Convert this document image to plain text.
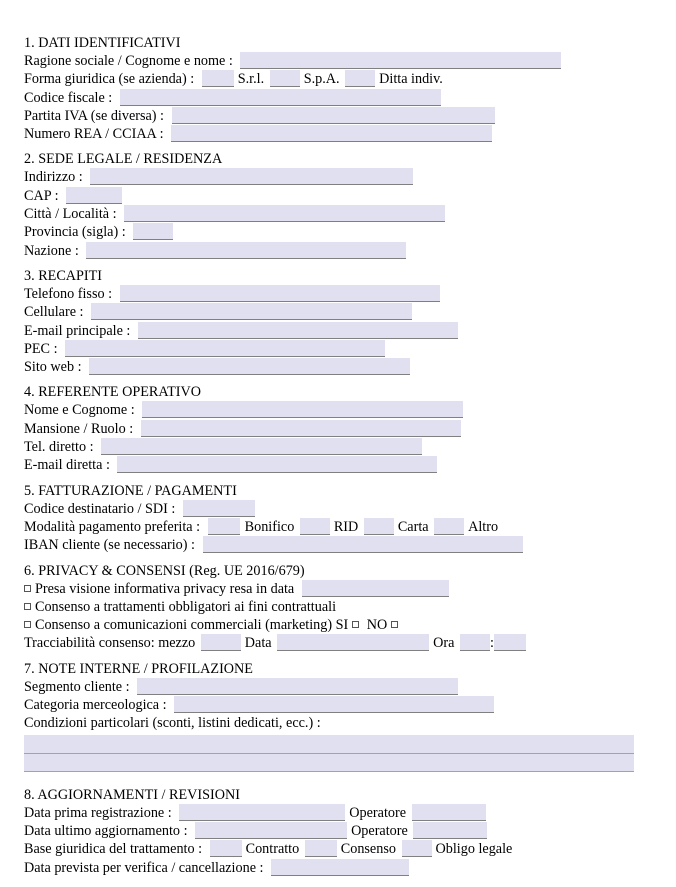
1. DATI IDENTIFICATIVI
Ragione sociale / Cognome e nome :
Forma giuridica (se azienda) :	S.r.l.	S.p.A.	Ditta indiv.
Codice fiscale :
Partita IVA (se diversa) :
Numero REA / CCIAA :
2. SEDE LEGALE / RESIDENZA
Indirizzo :
CAP :
Città / Località :
Provincia (sigla) :
Nazione :
3. RECAPITI
Telefono fisso :
Cellulare :
E-mail principale :
PEC :
Sito web :
4. REFERENTE OPERATIVO
Nome e Cognome :
Mansione / Ruolo :
Tel. diretto :
E-mail diretta :
5. FATTURAZIONE / PAGAMENTI
Codice destinatario / SDI :
Modalità pagamento preferita :	Bonifico	RID	Carta	Altro
IBAN cliente (se necessario) :
6. PRIVACY & CONSENSI (Reg. UE 2016/679)
Presa visione informativa privacy resa in data
Consenso a trattamenti obbligatori ai fini contrattuali
Consenso a comunicazioni commerciali (marketing) SI NO
Tracciabilità consenso: mezzo	Data	Ora	:
7. NOTE INTERNE / PROFILAZIONE
Segmento cliente :
Categoria merceologica :
Condizioni particolari (sconti, listini dedicati, ecc.) :
8. AGGIORNAMENTI / REVISIONI
Data prima registrazione :	Operatore
Data ultimo aggiornamento :	Operatore
Base giuridica del trattamento :	Contratto	Consenso	Obligo legale
Data prevista per verifica / cancellazione :
